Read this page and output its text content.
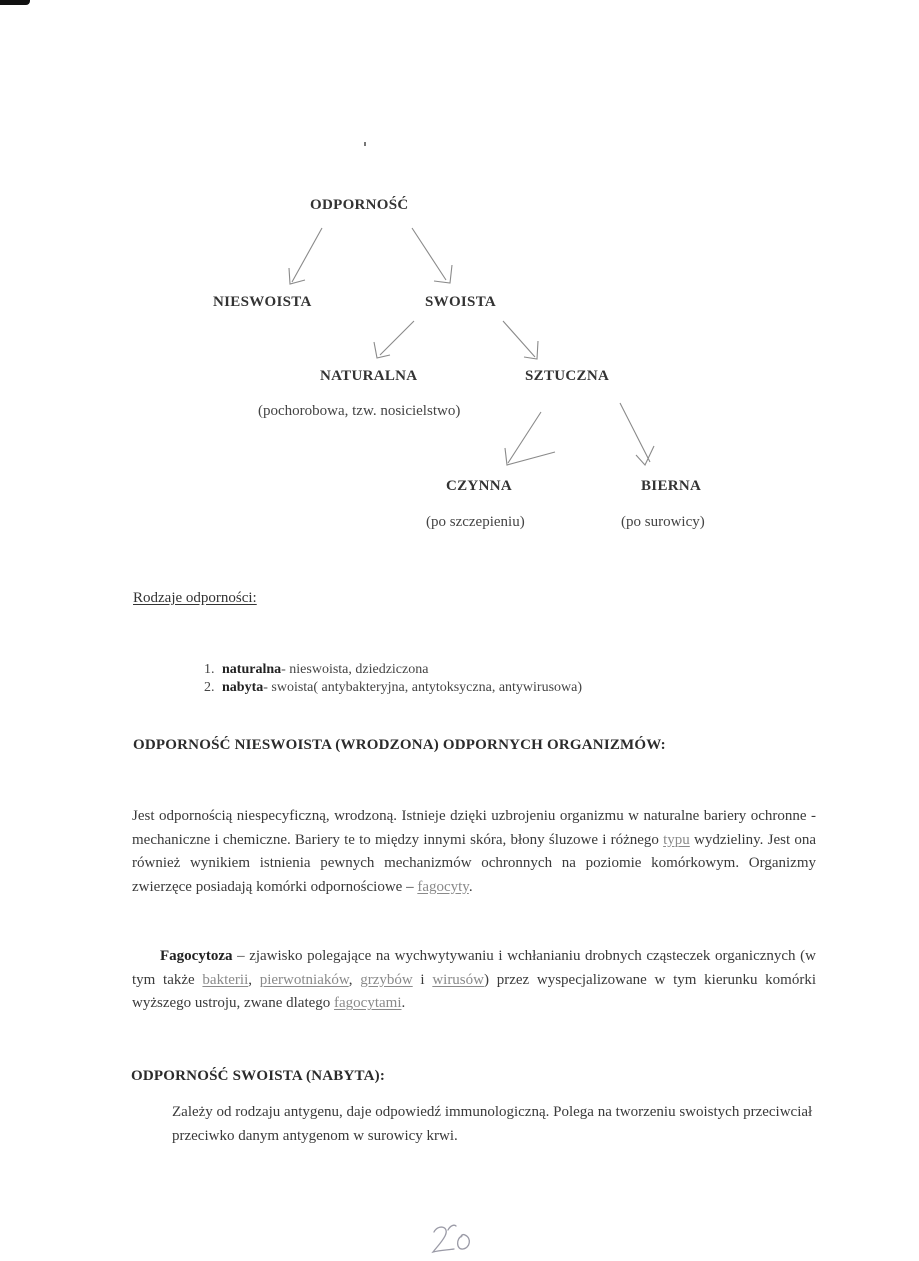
ODPORNOŚĆ
NIESWOISTA	SWOISTA
NATURALNA
(pochorobowa, tzw. nosicielstwo)
SZTUCZNA
CZYNNA
(po szczepieniu)
BIERNA
(po surowicy)
Rodzaje odporności:
1. naturalna- nieswoista, dziedziczona
2. nabyta- swoista( antybakteryjna, antytoksyczna, antywirusowa)
ODPORNOŚĆ NIESWOISTA (WRODZONA) ODPORNYCH ORGANIZMÓW:

Jest odpornością niespecyficzną, wrodzoną. Istnieje dzięki uzbrojeniu organizmu w naturalne bariery ochronne - mechaniczne i chemiczne. Bariery te to między innymi skóra, błony śluzowe i różnego typu wydzieliny. Jest ona również wynikiem istnienia pewnych mechanizmów ochronnych na poziomie komórkowym. Organizmy zwierzęce posiadają komórki odpornościowe – fagocyty.

Fagocytoza – zjawisko polegające na wychwytywaniu i wchłanianiu drobnych cząsteczek organicznych (w tym także bakterii, pierwotniaków, grzybów i wirusów) przez wyspecjalizowane w tym kierunku komórki wyższego ustroju, zwane dlatego fagocytami.

ODPORNOŚĆ SWOISTA (NABYTA):

Zależy od rodzaju antygenu, daje odpowiedź immunologiczną. Polega na tworzeniu swoistych przeciwciał przeciwko danym antygenom w surowicy krwi.
